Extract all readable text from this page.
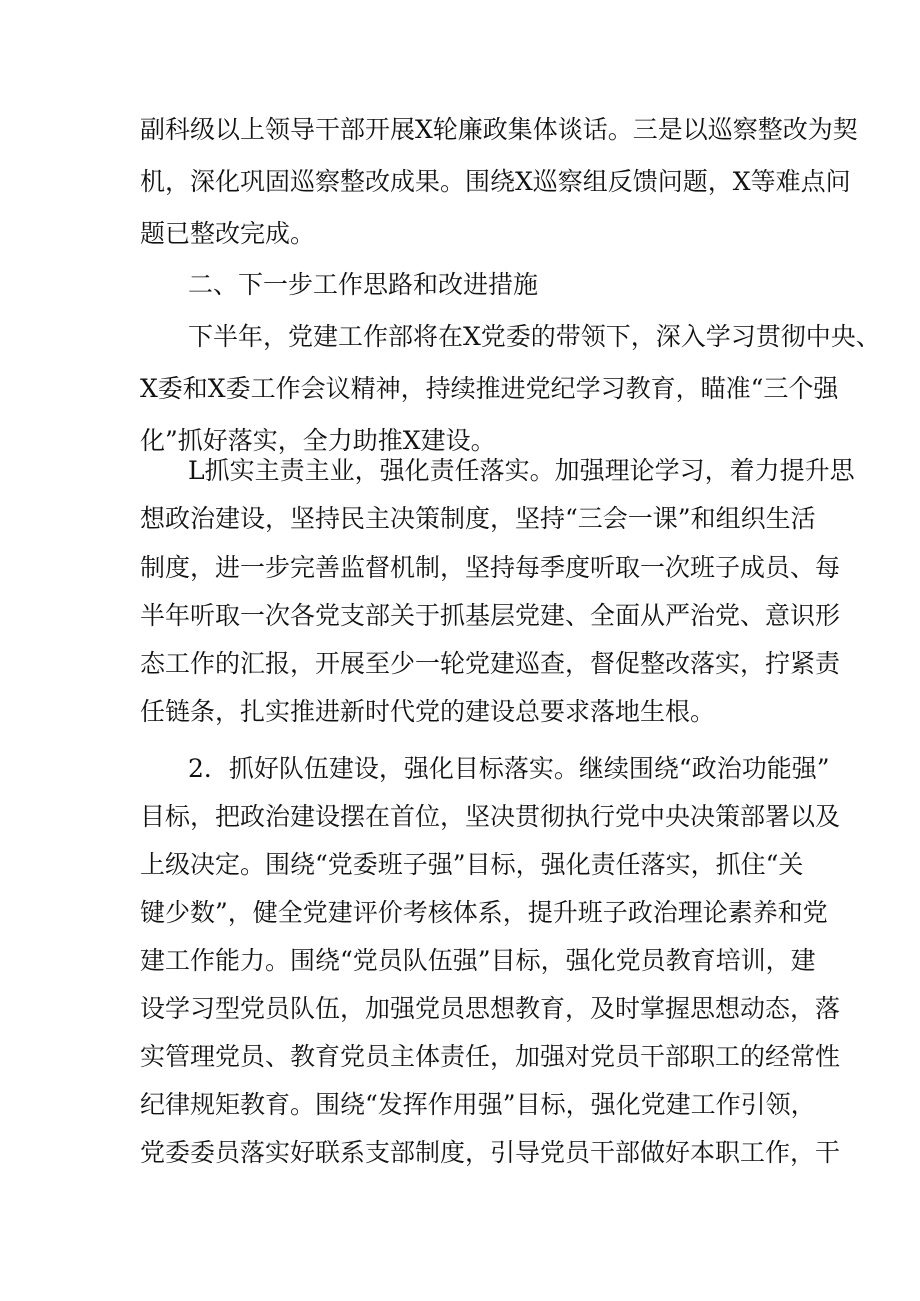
副科级以上领导干部开展X轮廉政集体谈话。三是以巡察整改为契
机，深化巩固巡察整改成果。围绕X巡察组反馈问题，X等难点问
题已整改完成。
二、下一步工作思路和改进措施
下半年，党建工作部将在X党委的带领下，深入学习贯彻中央、
X委和X委工作会议精神，持续推进党纪学习教育，瞄准“三个强
化”抓好落实，全力助推X建设。
L抓实主责主业，强化责任落实。加强理论学习，着力提升思
想政治建设，坚持民主决策制度，坚持“三会一课”和组织生活
制度，进一步完善监督机制，坚持每季度听取一次班子成员、每
半年听取一次各党支部关于抓基层党建、全面从严治党、意识形
态工作的汇报，开展至少一轮党建巡查，督促整改落实，拧紧责
任链条，扎实推进新时代党的建设总要求落地生根。
2．抓好队伍建设，强化目标落实。继续围绕“政治功能强”
目标，把政治建设摆在首位，坚决贯彻执行党中央决策部署以及
上级决定。围绕“党委班子强”目标，强化责任落实，抓住“关
键少数”，健全党建评价考核体系，提升班子政治理论素养和党
建工作能力。围绕“党员队伍强”目标，强化党员教育培训，建
设学习型党员队伍，加强党员思想教育，及时掌握思想动态，落
实管理党员、教育党员主体责任，加强对党员干部职工的经常性
纪律规矩教育。围绕“发挥作用强”目标，强化党建工作引领，
党委委员落实好联系支部制度，引导党员干部做好本职工作，干
